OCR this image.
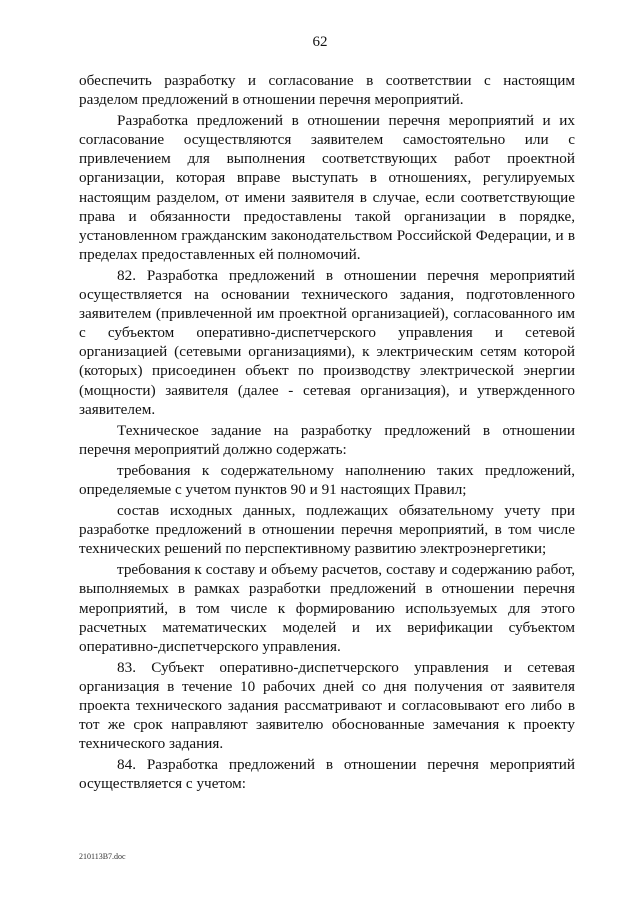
62

обеспечить разработку и согласование в соответствии с настоящим разделом предложений в отношении перечня мероприятий.

Разработка предложений в отношении перечня мероприятий и их согласование осуществляются заявителем самостоятельно или с привлечением для выполнения соответствующих работ проектной организации, которая вправе выступать в отношениях, регулируемых настоящим разделом, от имени заявителя в случае, если соответствующие права и обязанности предоставлены такой организации в порядке, установленном гражданским законодательством Российской Федерации, и в пределах предоставленных ей полномочий.

82. Разработка предложений в отношении перечня мероприятий осуществляется на основании технического задания, подготовленного заявителем (привлеченной им проектной организацией), согласованного им с субъектом оперативно-диспетчерского управления и сетевой организацией (сетевыми организациями), к электрическим сетям которой (которых) присоединен объект по производству электрической энергии (мощности) заявителя (далее - сетевая организация), и утвержденного заявителем.

Техническое задание на разработку предложений в отношении перечня мероприятий должно содержать:

требования к содержательному наполнению таких предложений, определяемые с учетом пунктов 90 и 91 настоящих Правил;

состав исходных данных, подлежащих обязательному учету при разработке предложений в отношении перечня мероприятий, в том числе технических решений по перспективному развитию электроэнергетики;

требования к составу и объему расчетов, составу и содержанию работ, выполняемых в рамках разработки предложений в отношении перечня мероприятий, в том числе к формированию используемых для этого расчетных математических моделей и их верификации субъектом оперативно-диспетчерского управления.

83. Субъект оперативно-диспетчерского управления и сетевая организация в течение 10 рабочих дней со дня получения от заявителя проекта технического задания рассматривают и согласовывают его либо в тот же срок направляют заявителю обоснованные замечания к проекту технического задания.

84. Разработка предложений в отношении перечня мероприятий осуществляется с учетом:

210113B7.doc
